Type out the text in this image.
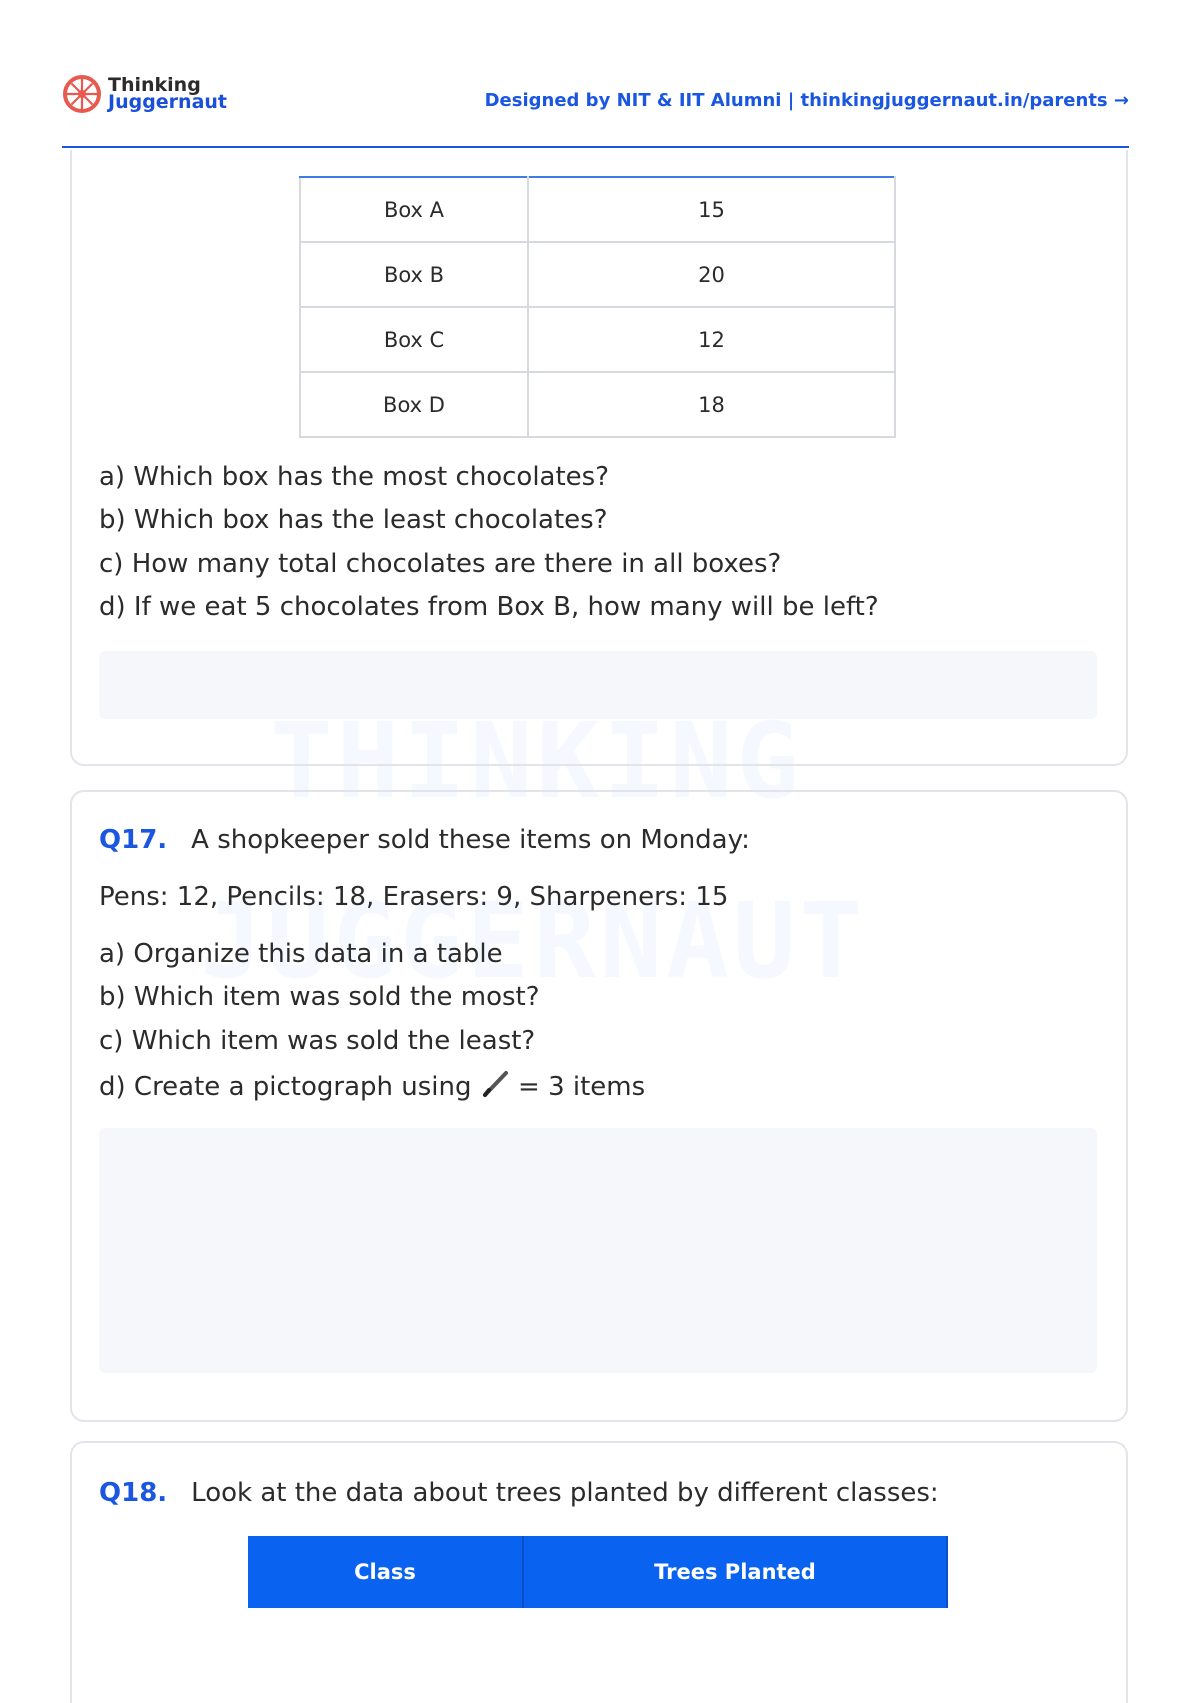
Thinking
Juggernaut	Designed by NIT & IIT Alumni | thinkingjuggernaut.in/parents →
Box A	15
Box B	20
Box C	12
Box D	18
a) Which box has the most chocolates?
b) Which box has the least chocolates?
c) How many total chocolates are there in all boxes?
d) If we eat 5 chocolates from Box B, how many will be left?
Q17. A shopkeeper sold these items on Monday:
Pens: 12, Pencils: 18, Erasers: 9, Sharpeners: 15
a) Organize this data in a table
b) Which item was sold the most?
c) Which item was sold the least?
d) Create a pictograph using = 3 items
Q18. Look at the data about trees planted by different classes:
Class	Trees Planted
